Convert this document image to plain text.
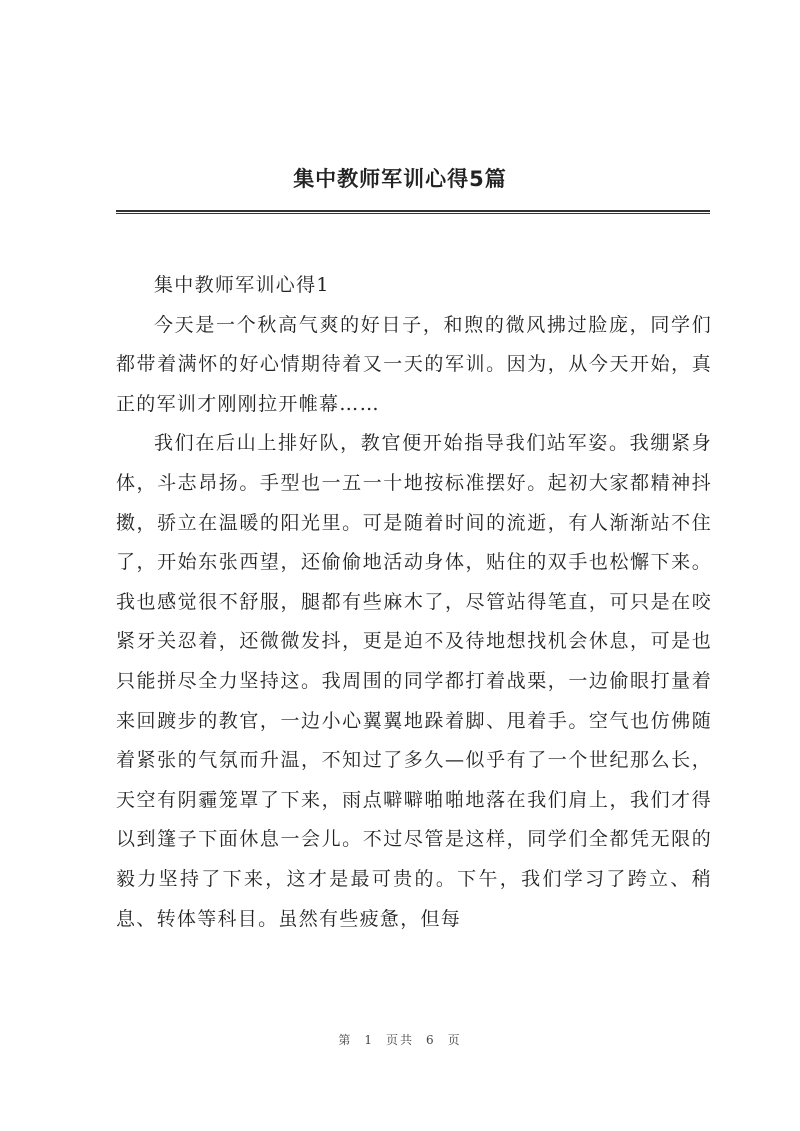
集中教师军训心得5篇

集中教师军训心得1

今天是一个秋高气爽的好日子，和煦的微风拂过脸庞，同学们都带着满怀的好心情期待着又一天的军训。因为，从今天开始，真正的军训才刚刚拉开帷幕……

我们在后山上排好队，教官便开始指导我们站军姿。我绷紧身体，斗志昂扬。手型也一五一十地按标准摆好。起初大家都精神抖擞，骄立在温暖的阳光里。可是随着时间的流逝，有人渐渐站不住了，开始东张西望，还偷偷地活动身体，贴住的双手也松懈下来。我也感觉很不舒服，腿都有些麻木了，尽管站得笔直，可只是在咬紧牙关忍着，还微微发抖，更是迫不及待地想找机会休息，可是也只能拼尽全力坚持这。我周围的同学都打着战栗，一边偷眼打量着来回踱步的教官，一边小心翼翼地跺着脚、甩着手。空气也仿佛随着紧张的气氛而升温，不知过了多久—似乎有了一个世纪那么长，天空有阴霾笼罩了下来，雨点噼噼啪啪地落在我们肩上，我们才得以到篷子下面休息一会儿。不过尽管是这样，同学们全都凭无限的毅力坚持了下来，这才是最可贵的。下午，我们学习了跨立、稍息、转体等科目。虽然有些疲惫，但每

第 1 页共 6 页
